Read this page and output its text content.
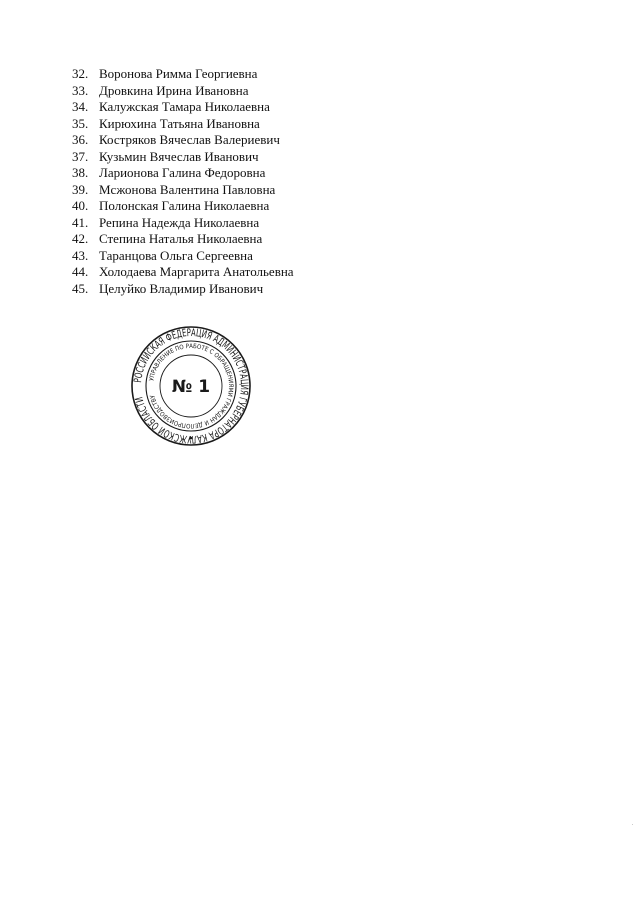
32. Воронова Римма Георгиевна
33. Дровкина Ирина Ивановна
34. Калужская Тамара Николаевна
35. Кирюхина Татьяна Ивановна
36. Костряков Вячеслав Валериевич
37. Кузьмин Вячеслав Иванович
38. Ларионова Галина Федоровна
39. Мсжонова Валентина Павловна
40. Полонская Галина Николаевна
41. Репина Надежда Николаевна
42. Степина Наталья Николаевна
43. Таранцова Ольга Сергеевна
44. Холодаева Маргарита Анатольевна
45. Целуйко Владимир Иванович
РОССИЙСКАЯ ФЕДЕРАЦИЯ АДМИНИСТРАЦИЯ ГУБЕРНАТОРА КАЛУЖСКОЙ ОБЛАСТИ
УПРАВЛЕНИЕ ПО РАБОТЕ С ОБРАЩЕНИЯМИ ГРАЖДАН И ДЕЛОПРОИЗВОДСТВУ № 1
